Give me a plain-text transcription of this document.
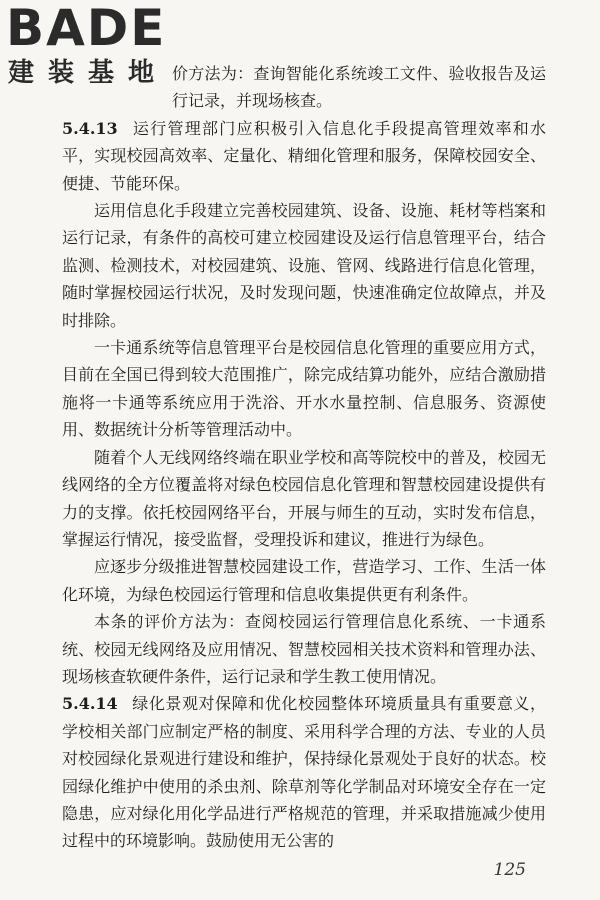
BADE
建装基地 价方法为：查询智能化系统竣工文件、验收报告及运行记录，并现场核查。

5.4.13 运行管理部门应积极引入信息化手段提高管理效率和水平，实现校园高效率、定量化、精细化管理和服务，保障校园安全、便捷、节能环保。

运用信息化手段建立完善校园建筑、设备、设施、耗材等档案和运行记录，有条件的高校可建立校园建设及运行信息管理平台，结合监测、检测技术，对校园建筑、设施、管网、线路进行信息化管理，随时掌握校园运行状况，及时发现问题，快速准确定位故障点，并及时排除。

一卡通系统等信息管理平台是校园信息化管理的重要应用方式，目前在全国已得到较大范围推广，除完成结算功能外，应结合激励措施将一卡通等系统应用于洗浴、开水水量控制、信息服务、资源使用、数据统计分析等管理活动中。

随着个人无线网络终端在职业学校和高等院校中的普及，校园无线网络的全方位覆盖将对绿色校园信息化管理和智慧校园建设提供有力的支撑。依托校园网络平台，开展与师生的互动，实时发布信息，掌握运行情况，接受监督，受理投诉和建议，推进行为绿色。

应逐步分级推进智慧校园建设工作，营造学习、工作、生活一体化环境，为绿色校园运行管理和信息收集提供更有利条件。

本条的评价方法为：查阅校园运行管理信息化系统、一卡通系统、校园无线网络及应用情况、智慧校园相关技术资料和管理办法、现场核查软硬件条件，运行记录和学生教工使用情况。

5.4.14 绿化景观对保障和优化校园整体环境质量具有重要意义，学校相关部门应制定严格的制度、采用科学合理的方法、专业的人员对校园绿化景观进行建设和维护，保持绿化景观处于良好的状态。校园绿化维护中使用的杀虫剂、除草剂等化学制品对环境安全存在一定隐患，应对绿化用化学品进行严格规范的管理，并采取措施减少使用过程中的环境影响。鼓励使用无公害的

125
